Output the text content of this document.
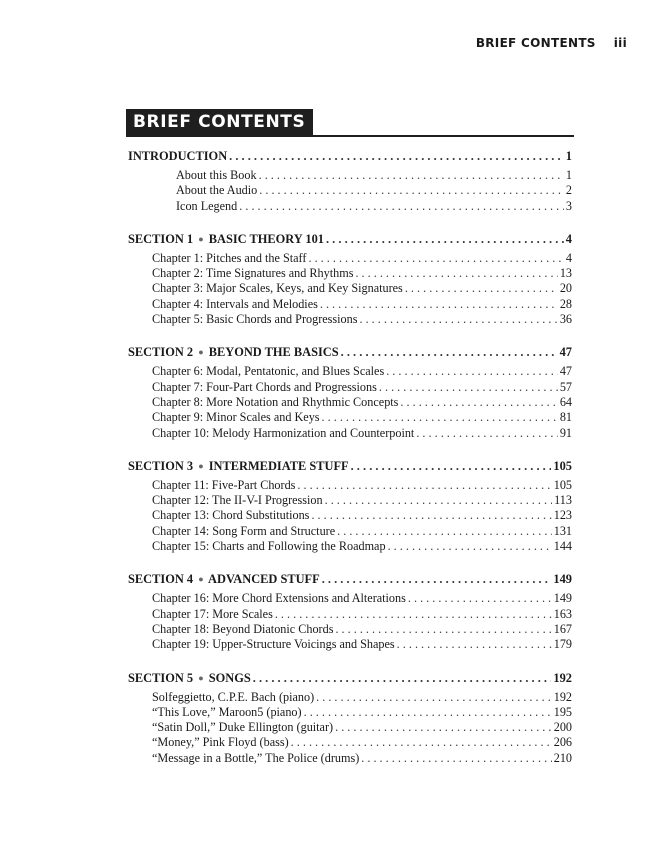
BRIEF CONTENTS iii
BRIEF CONTENTS
INTRODUCTION . . .	1
About this Book . . .	1
About the Audio . . .	2
Icon Legend . . .	3
SECTION 1 ● BASIC THEORY 101 . . .	4
Chapter 1: Pitches and the Staff . . .	4
Chapter 2: Time Signatures and Rhythms . . .	13
Chapter 3: Major Scales, Keys, and Key Signatures . . .	20
Chapter 4: Intervals and Melodies . . .	28
Chapter 5: Basic Chords and Progressions . . .	36
SECTION 2 ● BEYOND THE BASICS . . .	47
Chapter 6: Modal, Pentatonic, and Blues Scales . . .	47
Chapter 7: Four-Part Chords and Progressions . . .	57
Chapter 8: More Notation and Rhythmic Concepts . . .	64
Chapter 9: Minor Scales and Keys . . .	81
Chapter 10: Melody Harmonization and Counterpoint . . .	91
SECTION 3 ● INTERMEDIATE STUFF . . .	105
Chapter 11: Five-Part Chords . . .	105
Chapter 12: The II-V-I Progression . . .	113
Chapter 13: Chord Substitutions . . .	123
Chapter 14: Song Form and Structure . . .	131
Chapter 15: Charts and Following the Roadmap . . .	144
SECTION 4 ● ADVANCED STUFF . . .	149
Chapter 16: More Chord Extensions and Alterations . . .	149
Chapter 17: More Scales . . .	163
Chapter 18: Beyond Diatonic Chords . . .	167
Chapter 19: Upper-Structure Voicings and Shapes . . .	179
SECTION 5 ● SONGS . . .	192
Solfeggietto, C.P.E. Bach (piano) . . .	192
“This Love,” Maroon5 (piano) . . .	195
“Satin Doll,” Duke Ellington (guitar) . . .	200
“Money,” Pink Floyd (bass) . . .	206
“Message in a Bottle,” The Police (drums) . . .	210
